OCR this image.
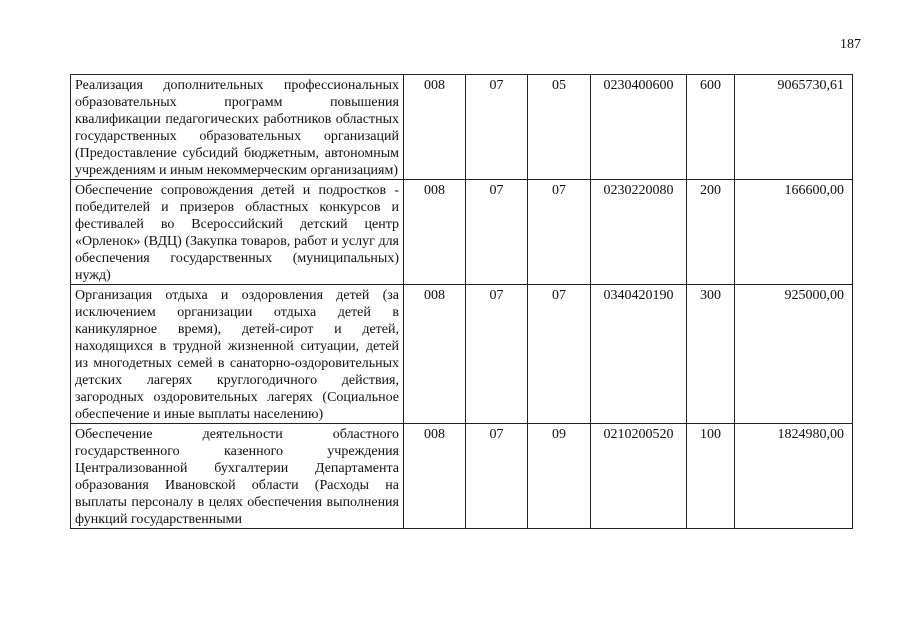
187
Реализация дополнительных профессиональных образовательных программ повышения квалификации педагогических работников областных государственных образовательных организаций (Предоставление субсидий бюджетным, автономным учреждениям и иным некоммерческим организациям)	008	07	05	0230400600	600	9065730,61
Обеспечение сопровождения детей и подростков - победителей и призеров областных конкурсов и фестивалей во Всероссийский детский центр «Орленок» (ВДЦ) (Закупка товаров, работ и услуг для обеспечения государственных (муниципальных) нужд)	008	07	07	0230220080	200	166600,00
Организация отдыха и оздоровления детей (за исключением организации отдыха детей в каникулярное время), детей-сирот и детей, находящихся в трудной жизненной ситуации, детей из многодетных семей в санаторно-оздоровительных детских лагерях круглогодичного действия, загородных оздоровительных лагерях (Социальное обеспечение и иные выплаты населению)	008	07	07	0340420190	300	925000,00
Обеспечение деятельности областного государственного казенного учреждения Централизованной бухгалтерии Департамента образования Ивановской области (Расходы на выплаты персоналу в целях обеспечения выполнения функций государственными	008	07	09	0210200520	100	1824980,00
